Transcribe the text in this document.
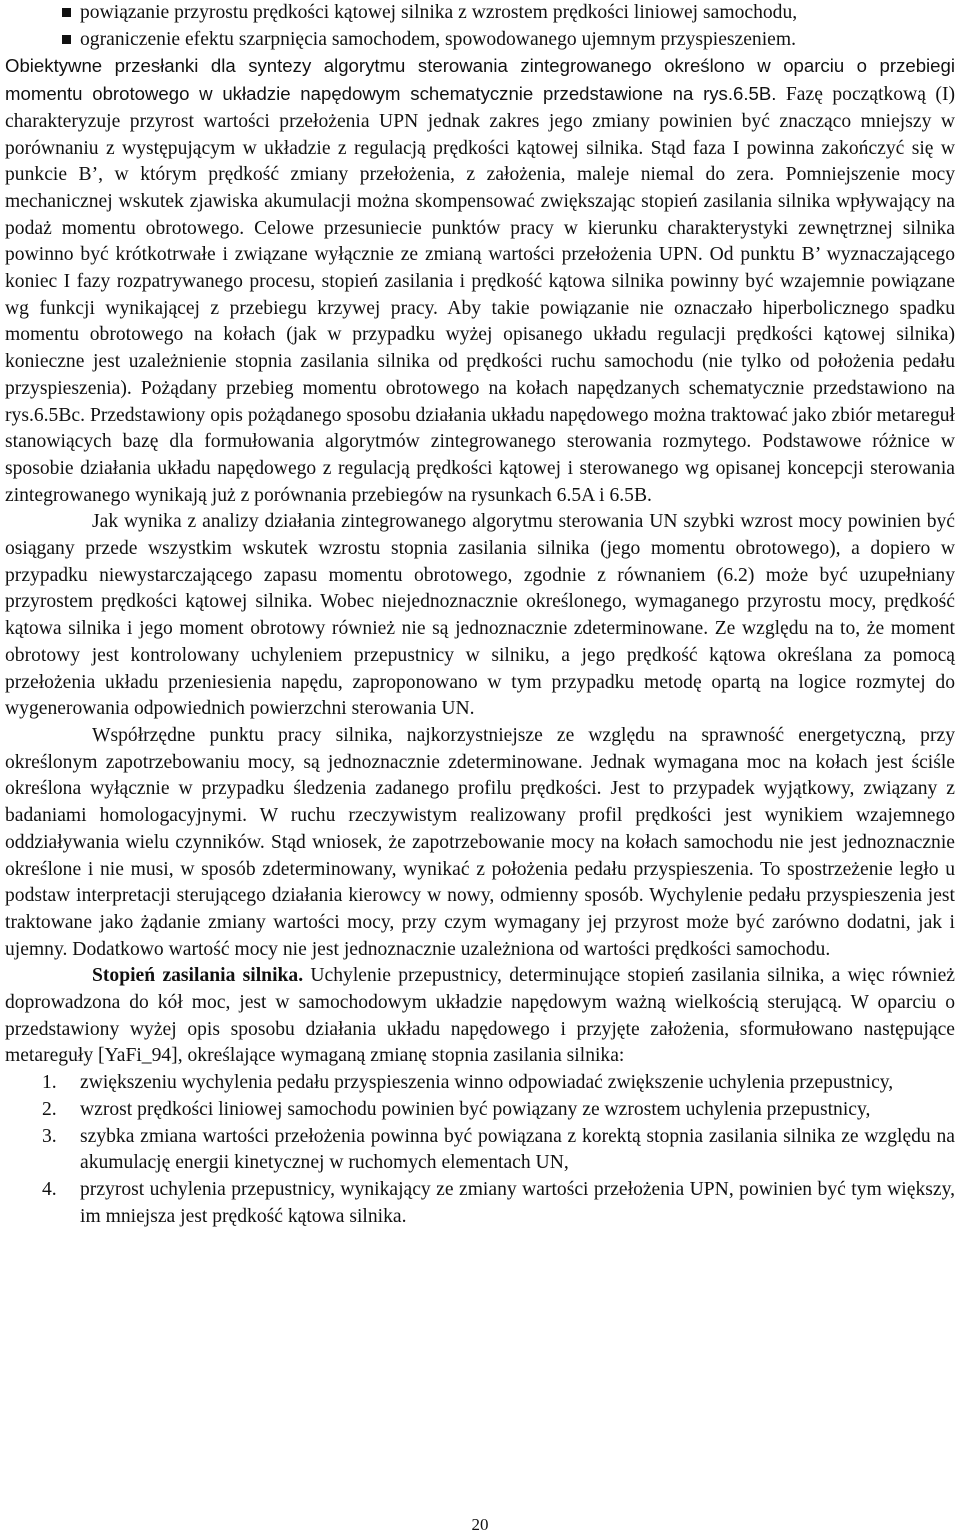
powiązanie przyrostu prędkości kątowej silnika z wzrostem prędkości liniowej samochodu,
ograniczenie efektu szarpnięcia samochodem, spowodowanego ujemnym przyspieszeniem.

Obiektywne przesłanki dla syntezy algorytmu sterowania zintegrowanego określono w oparciu o przebiegi momentu obrotowego w układzie napędowym schematycznie przedstawione na rys.6.5B. Fazę początkową (I) charakteryzuje przyrost wartości przełożenia UPN jednak zakres jego zmiany powinien być znacząco mniejszy w porównaniu z występującym w układzie z regulacją prędkości kątowej silnika. Stąd faza I powinna zakończyć się w punkcie B’, w którym prędkość zmiany przełożenia, z założenia, maleje niemal do zera. Pomniejszenie mocy mechanicznej wskutek zjawiska akumulacji można skompensować zwiększając stopień zasilania silnika wpływający na podaż momentu obrotowego. Celowe przesuniecie punktów pracy w kierunku charakterystyki zewnętrznej silnika powinno być krótkotrwałe i związane wyłącznie ze zmianą wartości przełożenia UPN. Od punktu B’ wyznaczającego koniec I fazy rozpatrywanego procesu, stopień zasilania i prędkość kątowa silnika powinny być wzajemnie powiązane wg funkcji wynikającej z przebiegu krzywej pracy. Aby takie powiązanie nie oznaczało hiperbolicznego spadku momentu obrotowego na kołach (jak w przypadku wyżej opisanego układu regulacji prędkości kątowej silnika) konieczne jest uzależnienie stopnia zasilania silnika od prędkości ruchu samochodu (nie tylko od położenia pedału przyspieszenia). Pożądany przebieg momentu obrotowego na kołach napędzanych schematycznie przedstawiono na rys.6.5Bc. Przedstawiony opis pożądanego sposobu działania układu napędowego można traktować jako zbiór metareguł stanowiących bazę dla formułowania algorytmów zintegrowanego sterowania rozmytego. Podstawowe różnice w sposobie działania układu napędowego z regulacją prędkości kątowej i sterowanego wg opisanej koncepcji sterowania zintegrowanego wynikają już z porównania przebiegów na rysunkach 6.5A i 6.5B.

Jak wynika z analizy działania zintegrowanego algorytmu sterowania UN szybki wzrost mocy powinien być osiągany przede wszystkim wskutek wzrostu stopnia zasilania silnika (jego momentu obrotowego), a dopiero w przypadku niewystarczającego zapasu momentu obrotowego, zgodnie z równaniem (6.2) może być uzupełniany przyrostem prędkości kątowej silnika. Wobec niejednoznacznie określonego, wymaganego przyrostu mocy, prędkość kątowa silnika i jego moment obrotowy również nie są jednoznacznie zdeterminowane. Ze względu na to, że moment obrotowy jest kontrolowany uchyleniem przepustnicy w silniku, a jego prędkość kątowa określana za pomocą przełożenia układu przeniesienia napędu, zaproponowano w tym przypadku metodę opartą na logice rozmytej do wygenerowania odpowiednich powierzchni sterowania UN.

Współrzędne punktu pracy silnika, najkorzystniejsze ze względu na sprawność energetyczną, przy określonym zapotrzebowaniu mocy, są jednoznacznie zdeterminowane. Jednak wymagana moc na kołach jest ściśle określona wyłącznie w przypadku śledzenia zadanego profilu prędkości. Jest to przypadek wyjątkowy, związany z badaniami homologacyjnymi. W ruchu rzeczywistym realizowany profil prędkości jest wynikiem wzajemnego oddziaływania wielu czynników. Stąd wniosek, że zapotrzebowanie mocy na kołach samochodu nie jest jednoznacznie określone i nie musi, w sposób zdeterminowany, wynikać z położenia pedału przyspieszenia. To spostrzeżenie legło u podstaw interpretacji sterującego działania kierowcy w nowy, odmienny sposób. Wychylenie pedału przyspieszenia jest traktowane jako żądanie zmiany wartości mocy, przy czym wymagany jej przyrost może być zarówno dodatni, jak i ujemny. Dodatkowo wartość mocy nie jest jednoznacznie uzależniona od wartości prędkości samochodu.

Stopień zasilania silnika. Uchylenie przepustnicy, determinujące stopień zasilania silnika, a więc również doprowadzona do kół moc, jest w samochodowym układzie napędowym ważną wielkością sterującą. W oparciu o przedstawiony wyżej opis sposobu działania układu napędowego i przyjęte założenia, sformułowano następujące metareguły [YaFi_94], określające wymaganą zmianę stopnia zasilania silnika:

1. zwiększeniu wychylenia pedału przyspieszenia winno odpowiadać zwiększenie uchylenia przepustnicy,
2. wzrost prędkości liniowej samochodu powinien być powiązany ze wzrostem uchylenia przepustnicy,
3. szybka zmiana wartości przełożenia powinna być powiązana z korektą stopnia zasilania silnika ze względu na akumulację energii kinetycznej w ruchomych elementach UN,
4. przyrost uchylenia przepustnicy, wynikający ze zmiany wartości przełożenia UPN, powinien być tym większy, im mniejsza jest prędkość kątowa silnika.
20
